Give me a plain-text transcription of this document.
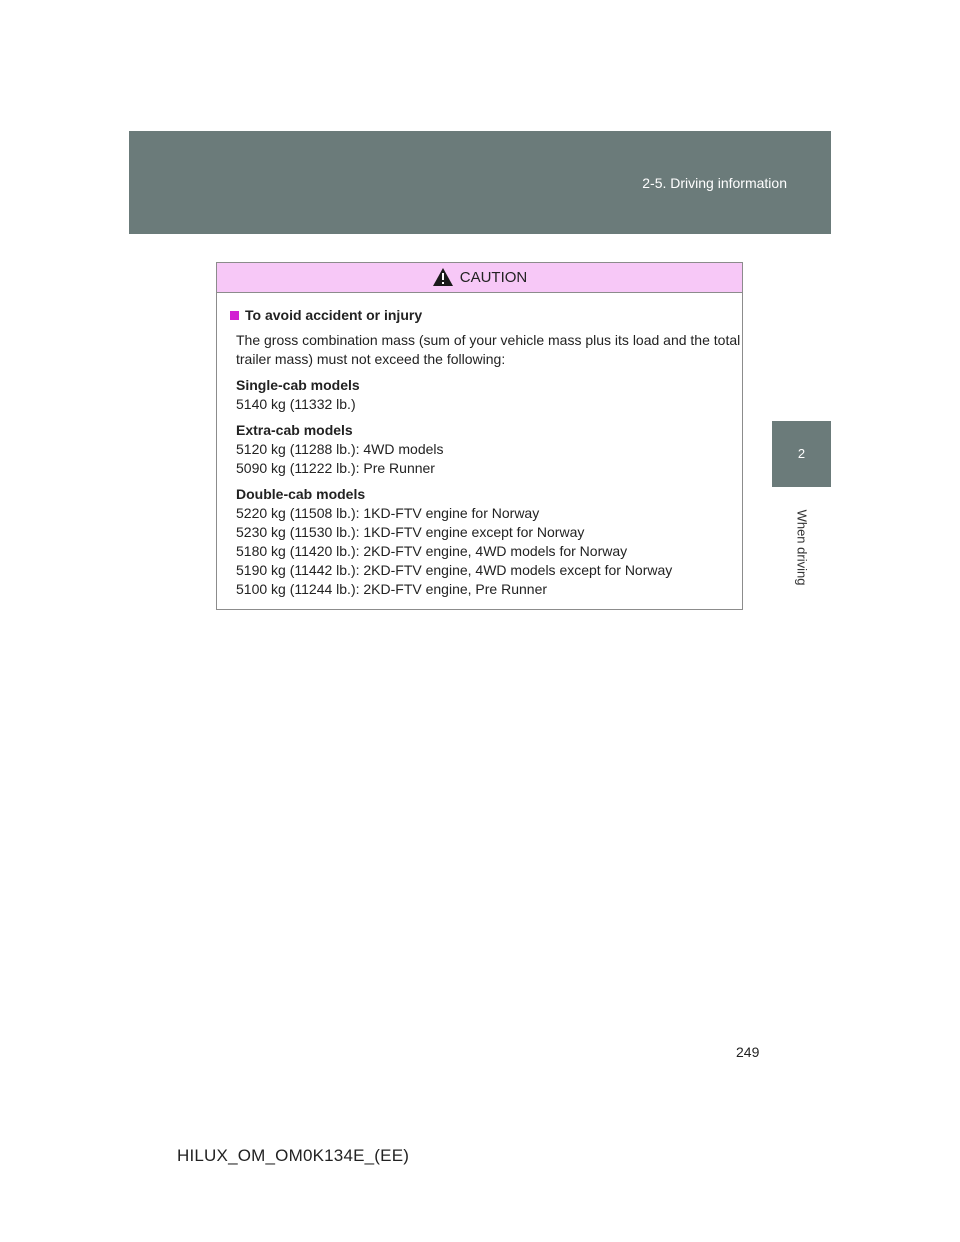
2-5. Driving information
2
When driving
CAUTION
To avoid accident or injury
The gross combination mass (sum of your vehicle mass plus its load and the total trailer mass) must not exceed the following:
Single-cab models
5140 kg (11332 lb.)
Extra-cab models
5120 kg (11288 lb.): 4WD models
5090 kg (11222 lb.): Pre Runner
Double-cab models
5220 kg (11508 lb.): 1KD-FTV engine for Norway
5230 kg (11530 lb.): 1KD-FTV engine except for Norway
5180 kg (11420 lb.): 2KD-FTV engine, 4WD models for Norway
5190 kg (11442 lb.): 2KD-FTV engine, 4WD models except for Norway
5100 kg (11244 lb.): 2KD-FTV engine, Pre Runner
249
HILUX_OM_OM0K134E_(EE)
